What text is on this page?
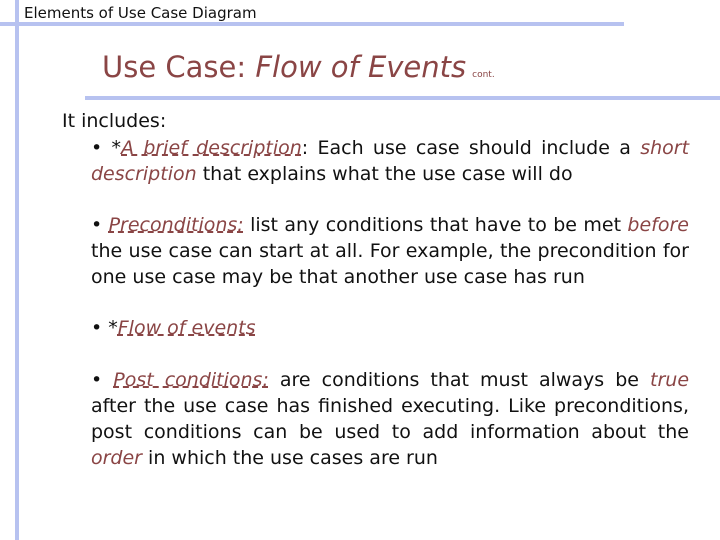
Elements of Use Case Diagram
Use Case: Flow of Events cont.

It includes:

• *A brief description: Each use case should include a short description that explains what the use case will do

• Preconditions: list any conditions that have to be met before the use case can start at all. For example, the precondition for one use case may be that another use case has run

• *Flow of events

• Post conditions: are conditions that must always be true after the use case has finished executing. Like preconditions, post conditions can be used to add information about the order in which the use cases are run
